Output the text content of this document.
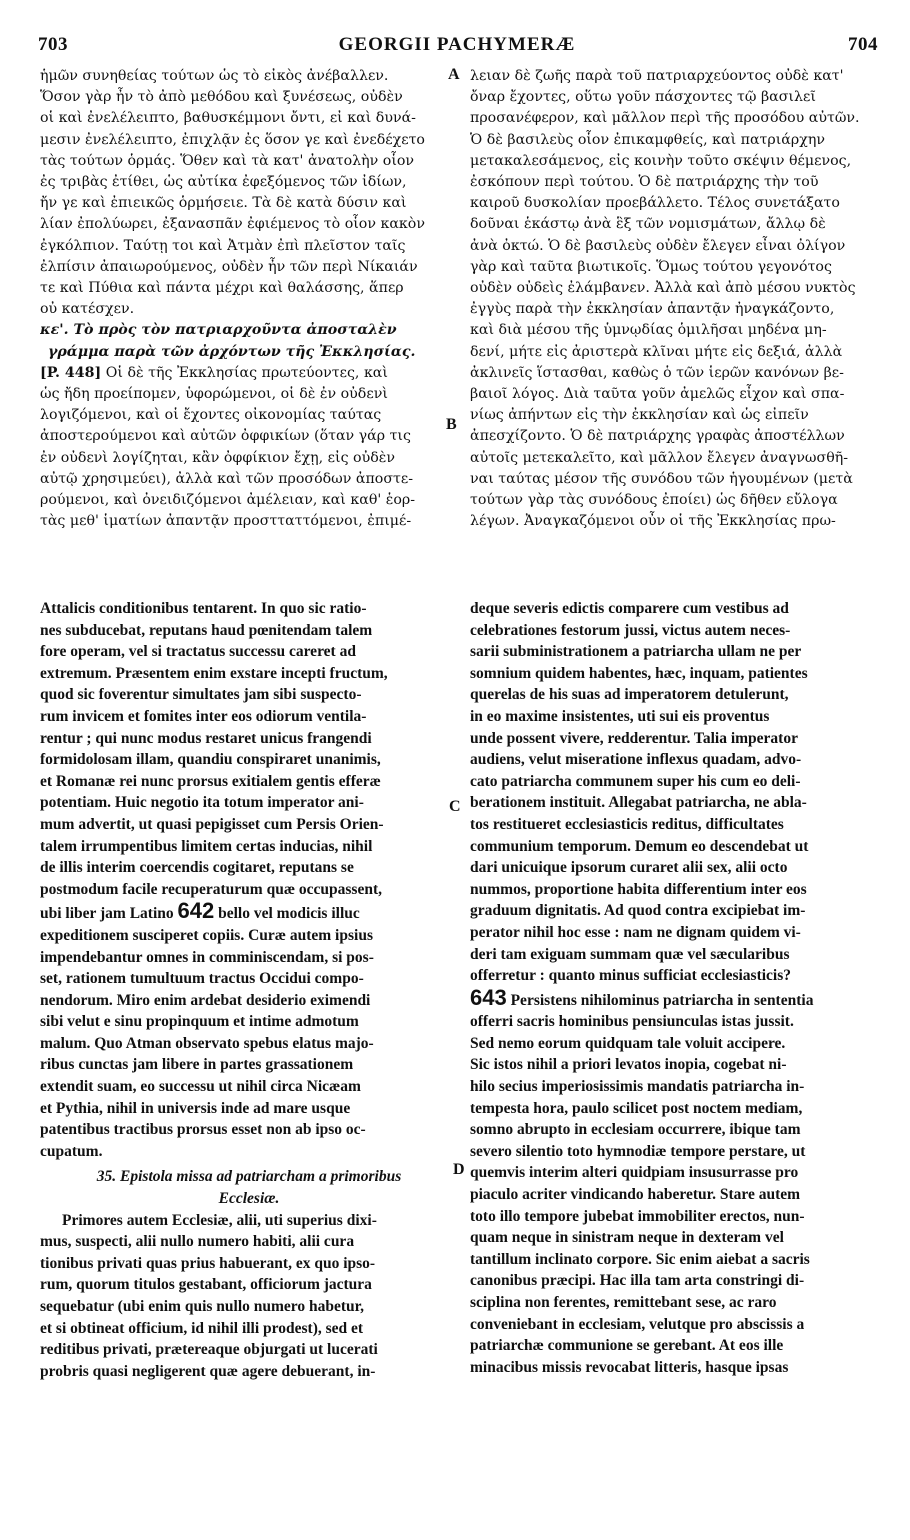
703	GEORGII PACHYMERÆ	704
A
B
C
D
ἡμῶν συνηθείας τούτων ὡς τὸ εἰκὸς ἀνέβαλλεν.
Ὅσον γὰρ ἦν τὸ ἀπὸ μεθόδου καὶ ξυνέσεως, οὐδὲν
οἱ καὶ ἐνελέλειπτο, βαθυσκέμμονι ὄντι, εἰ καὶ δυνά-
μεσιν ἐνελέλειπτο, ἐπιχλᾷν ἐς ὅσον γε καὶ ἐνεδέχετο
τὰς τούτων ὁρμάς. Ὅθεν καὶ τὰ κατ' ἀνατολὴν οἷον
ἐς τριβὰς ἐτίθει, ὡς αὐτίκα ἐφεξόμενος τῶν ἰδίων,
ἤν γε καὶ ἐπιεικῶς ὁρμήσειε. Τὰ δὲ κατὰ δύσιν καὶ
λίαν ἐπολύωρει, ἐξανασπᾶν ἐφιέμενος τὸ οἷον κακὸν
ἐγκόλπιον. Ταύτῃ τοι καὶ Ἀτμὰν ἐπὶ πλεῖστον ταῖς
ἐλπίσιν ἀπαιωρούμενος, οὐδὲν ἦν τῶν περὶ Νίκαιάν
τε καὶ Πύθια καὶ πάντα μέχρι καὶ θαλάσσης, ἅπερ
οὐ κατέσχεν.
κε'. Τὸ πρὸς τὸν πατριαρχοῦντα ἀποσταλὲν
γράμμα παρὰ τῶν ἀρχόντων τῆς Ἐκκλησίας.
[P. 448] Οἱ δὲ τῆς Ἐκκλησίας πρωτεύοντες, καὶ
ὡς ἤδη προείπομεν, ὑφορώμενοι, οἱ δὲ ἐν οὐδενὶ
λογιζόμενοι, καὶ οἱ ἔχοντες οἰκονομίας ταύτας
ἀποστερούμενοι καὶ αὐτῶν ὀφφικίων (ὅταν γάρ τις
ἐν οὐδενὶ λογίζηται, κἂν ὀφφίκιον ἔχῃ, εἰς οὐδὲν
αὐτῷ χρησιμεύει), ἀλλὰ καὶ τῶν προσόδων ἀποστε-
ρούμενοι, καὶ ὀνειδιζόμενοι ἀμέλειαν, καὶ καθ' ἑορ-
τὰς μεθ' ἱματίων ἀπαντᾷν προστταττόμενοι, ἐπιμέ-
λειαν δὲ ζωῆς παρὰ τοῦ πατριαρχεύοντος οὐδὲ κατ'
ὄναρ ἔχοντες, οὕτω γοῦν πάσχοντες τῷ βασιλεῖ
προσανέφερον, καὶ μᾶλλον περὶ τῆς προσόδου αὐτῶν.
Ὁ δὲ βασιλεὺς οἷον ἐπικαμφθείς, καὶ πατριάρχην
μετακαλεσάμενος, εἰς κοινὴν τοῦτο σκέψιν θέμενος,
ἐσκόπουν περὶ τούτου. Ὁ δὲ πατριάρχης τὴν τοῦ
καιροῦ δυσκολίαν προεβάλλετο. Τέλος συνετάξατο
δοῦναι ἑκάστῳ ἀνὰ ἓξ τῶν νομισμάτων, ἄλλῳ δὲ
ἀνὰ ὀκτώ. Ὁ δὲ βασιλεὺς οὐδὲν ἔλεγεν εἶναι ὀλίγον
γὰρ καὶ ταῦτα βιωτικοῖς. Ὅμως τούτου γεγονότος
οὐδὲν οὐδεὶς ἐλάμβανεν. Ἀλλὰ καὶ ἀπὸ μέσου νυκτὸς
ἐγγὺς παρὰ τὴν ἐκκλησίαν ἀπαντᾷν ἠναγκάζοντο,
καὶ διὰ μέσου τῆς ὑμνῳδίας ὁμιλῆσαι μηδένα μη-
δενί, μήτε εἰς ἀριστερὰ κλῖναι μήτε εἰς δεξιά, ἀλλὰ
ἀκλινεῖς ἵστασθαι, καθὼς ὁ τῶν ἱερῶν κανόνων βε-
βαιοῖ λόγος. Διὰ ταῦτα γοῦν ἀμελῶς εἶχον καὶ σπα-
νίως ἀπήντων εἰς τὴν ἐκκλησίαν καὶ ὡς εἰπεῖν
ἀπεσχίζοντο. Ὁ δὲ πατριάρχης γραφὰς ἀποστέλλων
αὐτοῖς μετεκαλεῖτο, καὶ μᾶλλον ἔλεγεν ἀναγνωσθῆ-
ναι ταύτας μέσον τῆς συνόδου τῶν ἡγουμένων (μετὰ
τούτων γὰρ τὰς συνόδους ἐποίει) ὡς δῆθεν εὔλογα
λέγων. Ἀναγκαζόμενοι οὖν οἱ τῆς Ἐκκλησίας πρω-
Attalicis conditionibus tentarent. In quo sic ratio-
nes subducebat, reputans haud pœnitendam talem
fore operam, vel si tractatus successu careret ad
extremum. Præsentem enim exstare incepti fructum,
quod sic foverentur simultates jam sibi suspecto-
rum invicem et fomites inter eos odiorum ventila-
rentur ; qui nunc modus restaret unicus frangendi
formidolosam illam, quandiu conspiraret unanimis,
et Romanæ rei nunc prorsus exitialem gentis efferæ
potentiam. Huic negotio ita totum imperator ani-
mum advertit, ut quasi pepigisset cum Persis Orien-
talem irrumpentibus limitem certas inducias, nihil
de illis interim coercendis cogitaret, reputans se
postmodum facile recuperaturum quæ occupassent,
ubi liber jam Latino 642 bello vel modicis illuc
expeditionem susciperet copiis. Curæ autem ipsius
impendebantur omnes in comminiscendam, si pos-
set, rationem tumultuum tractus Occidui compo-
nendorum. Miro enim ardebat desiderio eximendi
sibi velut e sinu propinquum et intime admotum
malum. Quo Atman observato spebus elatus majo-
ribus cunctas jam libere in partes grassationem
extendit suam, eo successu ut nihil circa Nicæam
et Pythia, nihil in universis inde ad mare usque
patentibus tractibus prorsus esset non ab ipso oc-
cupatum.
35. Epistola missa ad patriarcham a primoribus
Ecclesiæ.
Primores autem Ecclesiæ, alii, uti superius dixi-
mus, suspecti, alii nullo numero habiti, alii cura
tionibus privati quas prius habuerant, ex quo ipso-
rum, quorum titulos gestabant, officiorum jactura
sequebatur (ubi enim quis nullo numero habetur,
et si obtineat officium, id nihil illi prodest), sed et
reditibus privati, prætereaque objurgati ut lucerati
probris quasi negligerent quæ agere debuerant, in-
deque severis edictis comparere cum vestibus ad
celebrationes festorum jussi, victus autem neces-
sarii subministrationem a patriarcha ullam ne per
somnium quidem habentes, hæc, inquam, patientes
querelas de his suas ad imperatorem detulerunt,
in eo maxime insistentes, uti sui eis proventus
unde possent vivere, redderentur. Talia imperator
audiens, velut miseratione inflexus quadam, advo-
cato patriarcha communem super his cum eo deli-
berationem instituit. Allegabat patriarcha, ne abla-
tos restitueret ecclesiasticis reditus, difficultates
communium temporum. Demum eo descendebat ut
dari unicuique ipsorum curaret alii sex, alii octo
nummos, proportione habita differentium inter eos
graduum dignitatis. Ad quod contra excipiebat im-
perator nihil hoc esse : nam ne dignam quidem vi-
deri tam exiguam summam quæ vel sæcularibus
offerretur : quanto minus sufficiat ecclesiasticis?
643 Persistens nihilominus patriarcha in sententia
offerri sacris hominibus pensiunculas istas jussit.
Sed nemo eorum quidquam tale voluit accipere.
Sic istos nihil a priori levatos inopia, cogebat ni-
hilo secius imperiosissimis mandatis patriarcha in-
tempesta hora, paulo scilicet post noctem mediam,
somno abrupto in ecclesiam occurrere, ibique tam
severo silentio toto hymnodiæ tempore perstare, ut
quemvis interim alteri quidpiam insusurrasse pro
piaculo acriter vindicando haberetur. Stare autem
toto illo tempore jubebat immobiliter erectos, nun-
quam neque in sinistram neque in dexteram vel
tantillum inclinato corpore. Sic enim aiebat a sacris
canonibus præcipi. Hac illa tam arta constringi di-
sciplina non ferentes, remittebant sese, ac raro
conveniebant in ecclesiam, velutque pro abscissis a
patriarchæ communione se gerebant. At eos ille
minacibus missis revocabat litteris, hasque ipsas
